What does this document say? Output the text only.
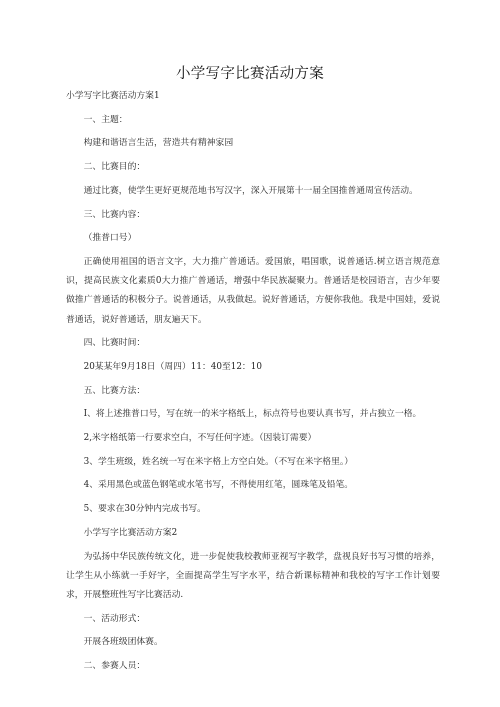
小学写字比赛活动方案

小学写字比赛活动方案1

一、主题：

构建和谐语言生活，营造共有精神家园

二、比赛目的：

通过比赛，使学生更好更规范地书写汉字，深入开展第十一届全国推普通周宣传活动。

三、比赛内容：

（推普口号）

正确使用祖国的语言文字，大力推广普通话。爱国旅，唱国歌，说普通话.树立语言规范意识，提高民族文化素质0大力推广普通话，增强中华民族凝聚力。普通话是校园语言，吉少年要做推广普通话的积极分子。说普通话，从我做起。说好普通话，方便你我他。我是中国娃，爱说普通话，说好普通话，朋友遍天下。

四、比赛时间：

20某某年9月18日（周四）11：40至12：10

五、比赛方法：

I、将上述推普口号，写在统一的米字格纸上，标点符号也要认真书写，并占独立一格。

2,米字格纸第一行要求空白，不写任何字迹。（因装订需要）

3、学生班级，姓名统一写在米字格上方空白处。（不写在米字格里。）

4、采用黑色或蓝色钢笔或水笔书写，不得使用红笔，圆珠笔及铅笔。

5、要求在30分钟内完成书写。

小学写字比赛活动方案2

为弘扬中华民族传统文化，进一步促使我校教师亚视写字教学，盘视良好书写习惯的培养，让学生从小练就一手好字，全面提高学生写字水平，结合新课标精神和我校的写字工作计划要求，开展整班性写字比赛活动.

一、活动形式：

开展各班级团体赛。

二、参赛人员：
